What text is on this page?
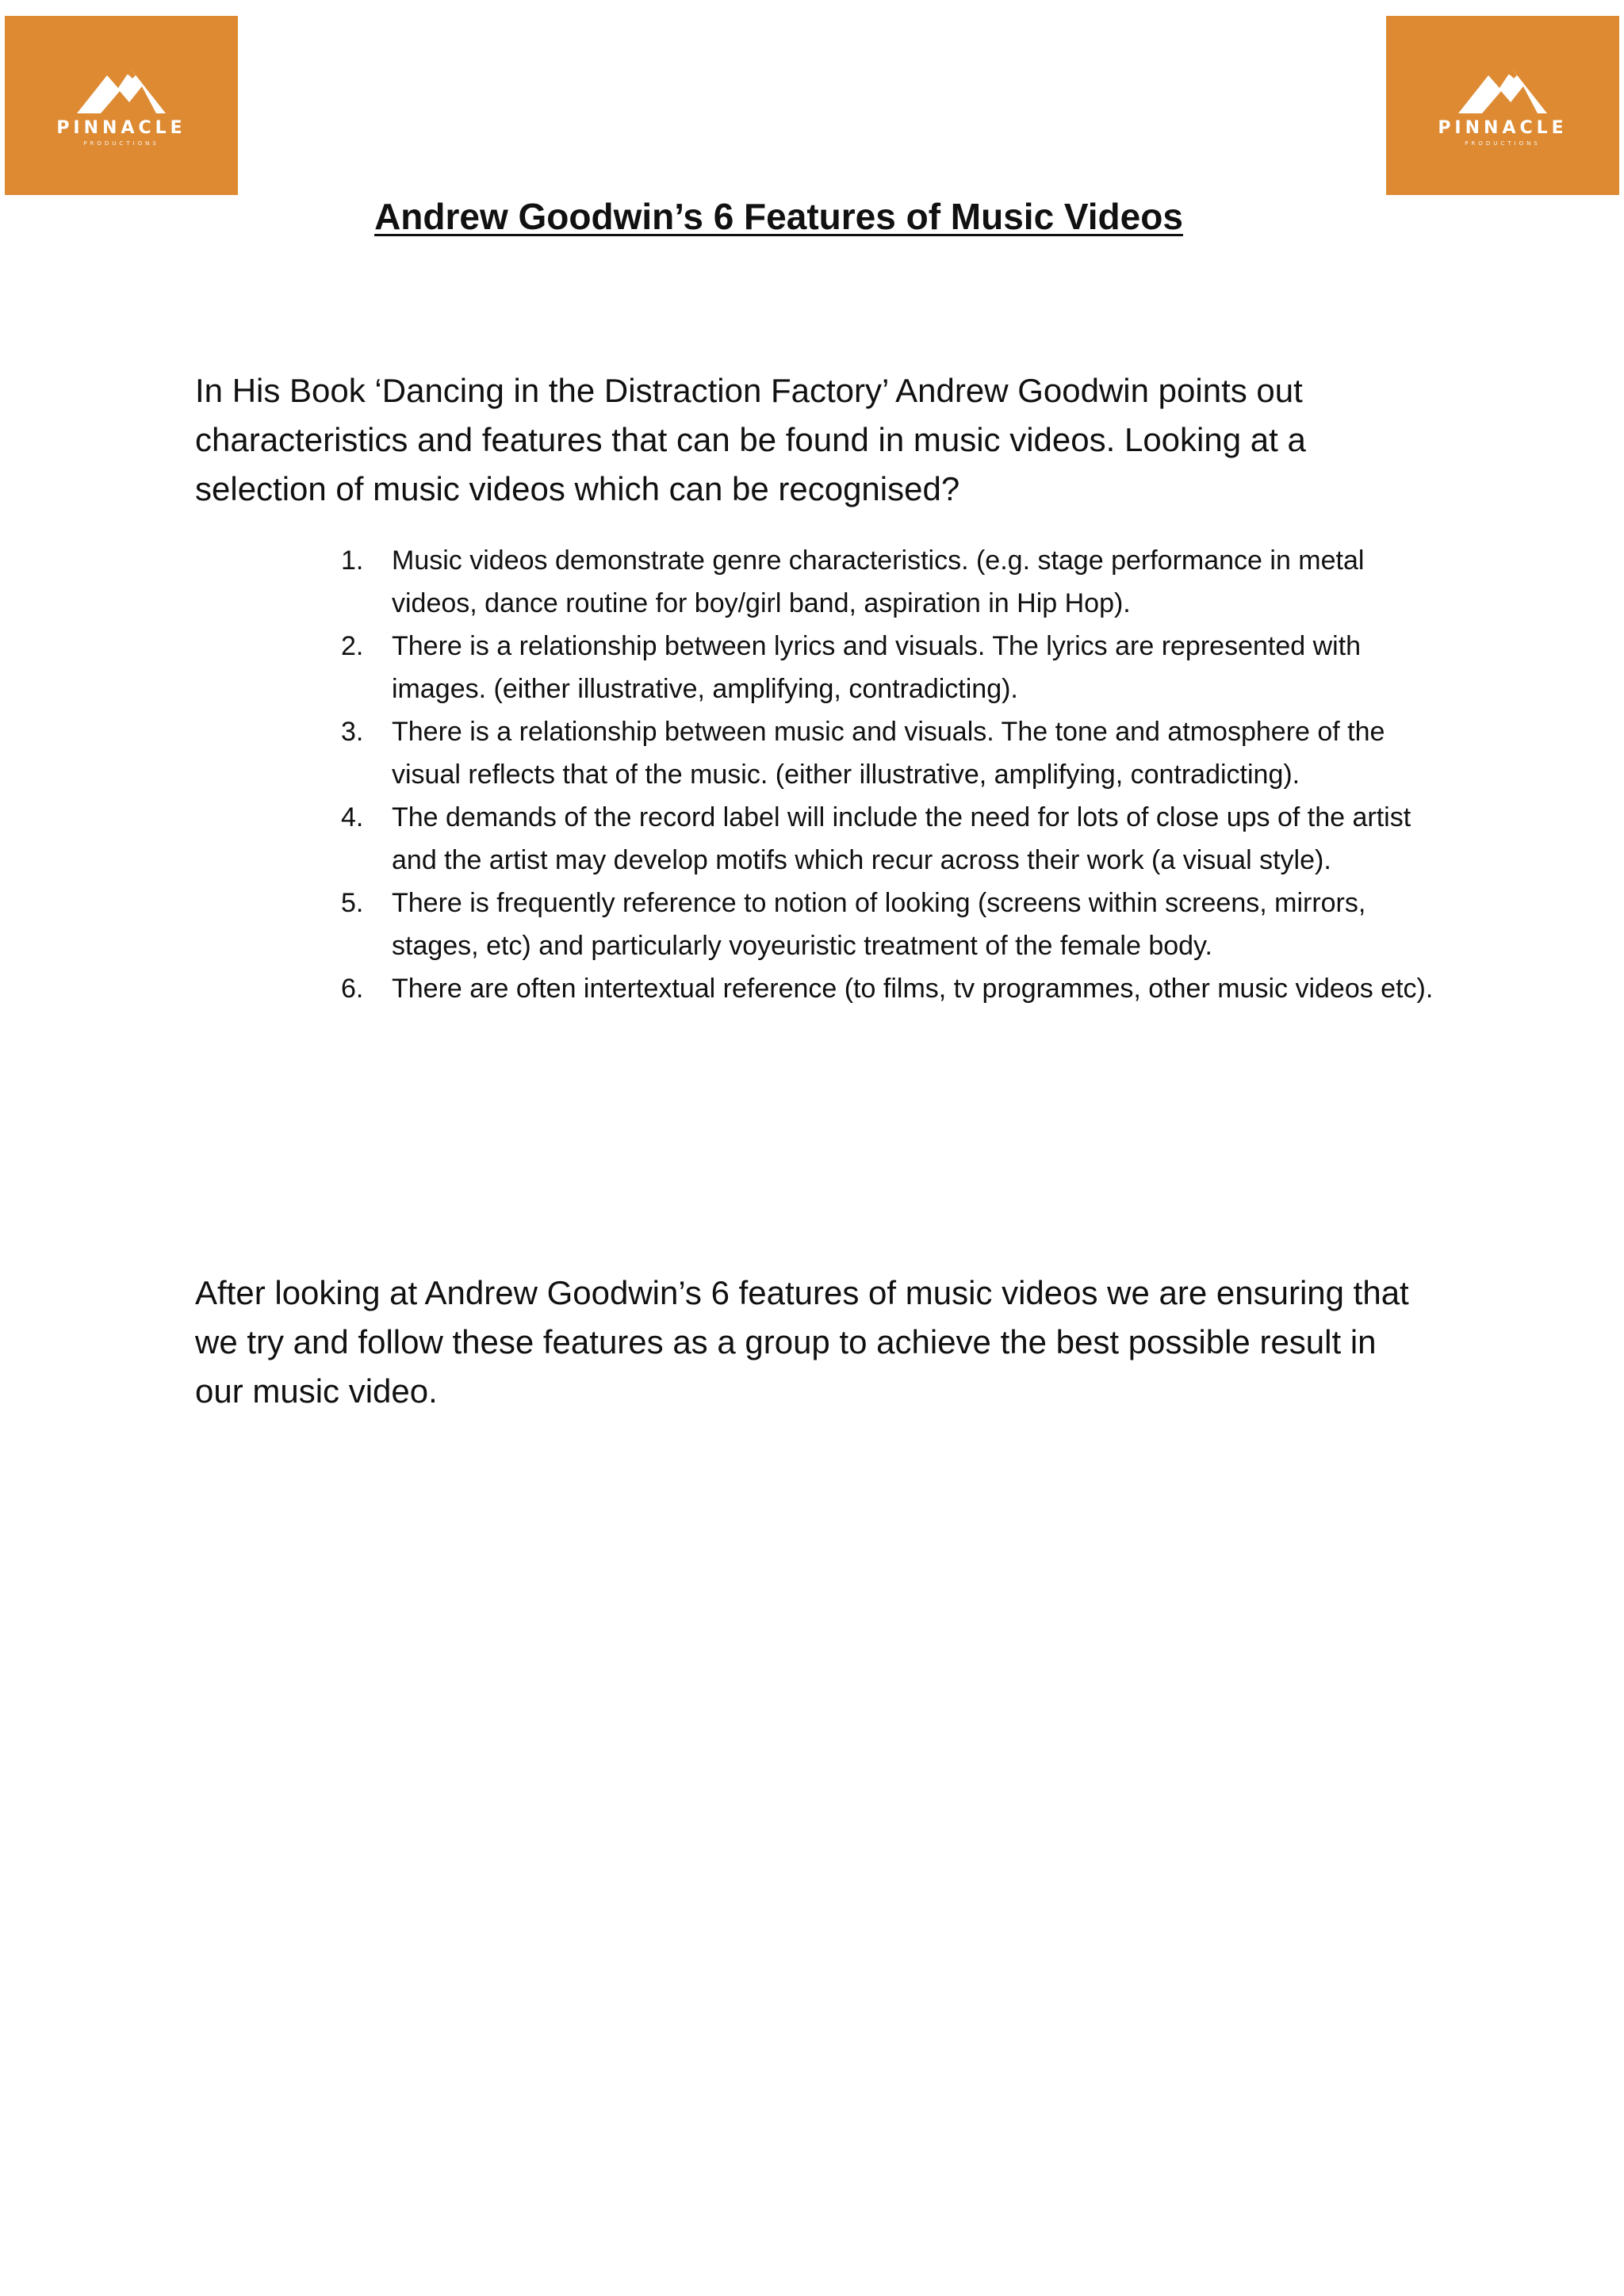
PINNACLE
PRODUCTIONS
PINNACLE
PRODUCTIONS
Andrew Goodwin’s 6 Features of Music Videos

In His Book ‘Dancing in the Distraction Factory’ Andrew Goodwin points out characteristics and features that can be found in music videos. Looking at a selection of music videos which can be recognised?

1. Music videos demonstrate genre characteristics. (e.g. stage performance in metal videos, dance routine for boy/girl band, aspiration in Hip Hop).
2. There is a relationship between lyrics and visuals. The lyrics are represented with images. (either illustrative, amplifying, contradicting).
3. There is a relationship between music and visuals. The tone and atmosphere of the visual reflects that of the music. (either illustrative, amplifying, contradicting).
4. The demands of the record label will include the need for lots of close ups of the artist and the artist may develop motifs which recur across their work (a visual style).
5. There is frequently reference to notion of looking (screens within screens, mirrors, stages, etc) and particularly voyeuristic treatment of the female body.
6. There are often intertextual reference (to films, tv programmes, other music videos etc).

After looking at Andrew Goodwin’s 6 features of music videos we are ensuring that we try and follow these features as a group to achieve the best possible result in our music video.
